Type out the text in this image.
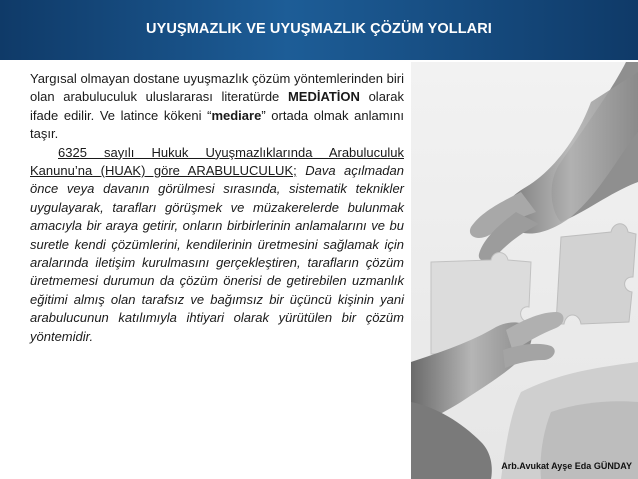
UYUŞMAZLIK VE UYUŞMAZLIK ÇÖZÜM YOLLARI

Yargısal olmayan dostane uyuşmazlık çözüm yöntemlerinden biri olan arabuluculuk uluslararası literatürde MEDİATİON olarak ifade edilir. Ve latince kökeni “mediare” ortada olmak anlamını taşır.

6325 sayılı Hukuk Uyuşmazlıklarında Arabuluculuk Kanunu’na (HUAK) göre ARABULUCULUK; Dava açılmadan önce veya davanın görülmesi sırasında, sistematik teknikler uygulayarak, tarafları görüşmek ve müzakerelerde bulunmak amacıyla bir araya getirir, onların birbirlerinin anlamalarını ve bu suretle kendi çözümlerini, kendilerinin üretmesini sağlamak için aralarında iletişim kurulmasını gerçekleştiren, tarafların çözüm üretmemesi durumun da çözüm önerisi de getirebilen uzmanlık eğitimi almış olan tarafsız ve bağımsız bir üçüncü kişinin yani arabulucunun katılımıyla ihtiyari olarak yürütülen bir çözüm yöntemidir.

Arb.Avukat Ayşe Eda GÜNDAY
